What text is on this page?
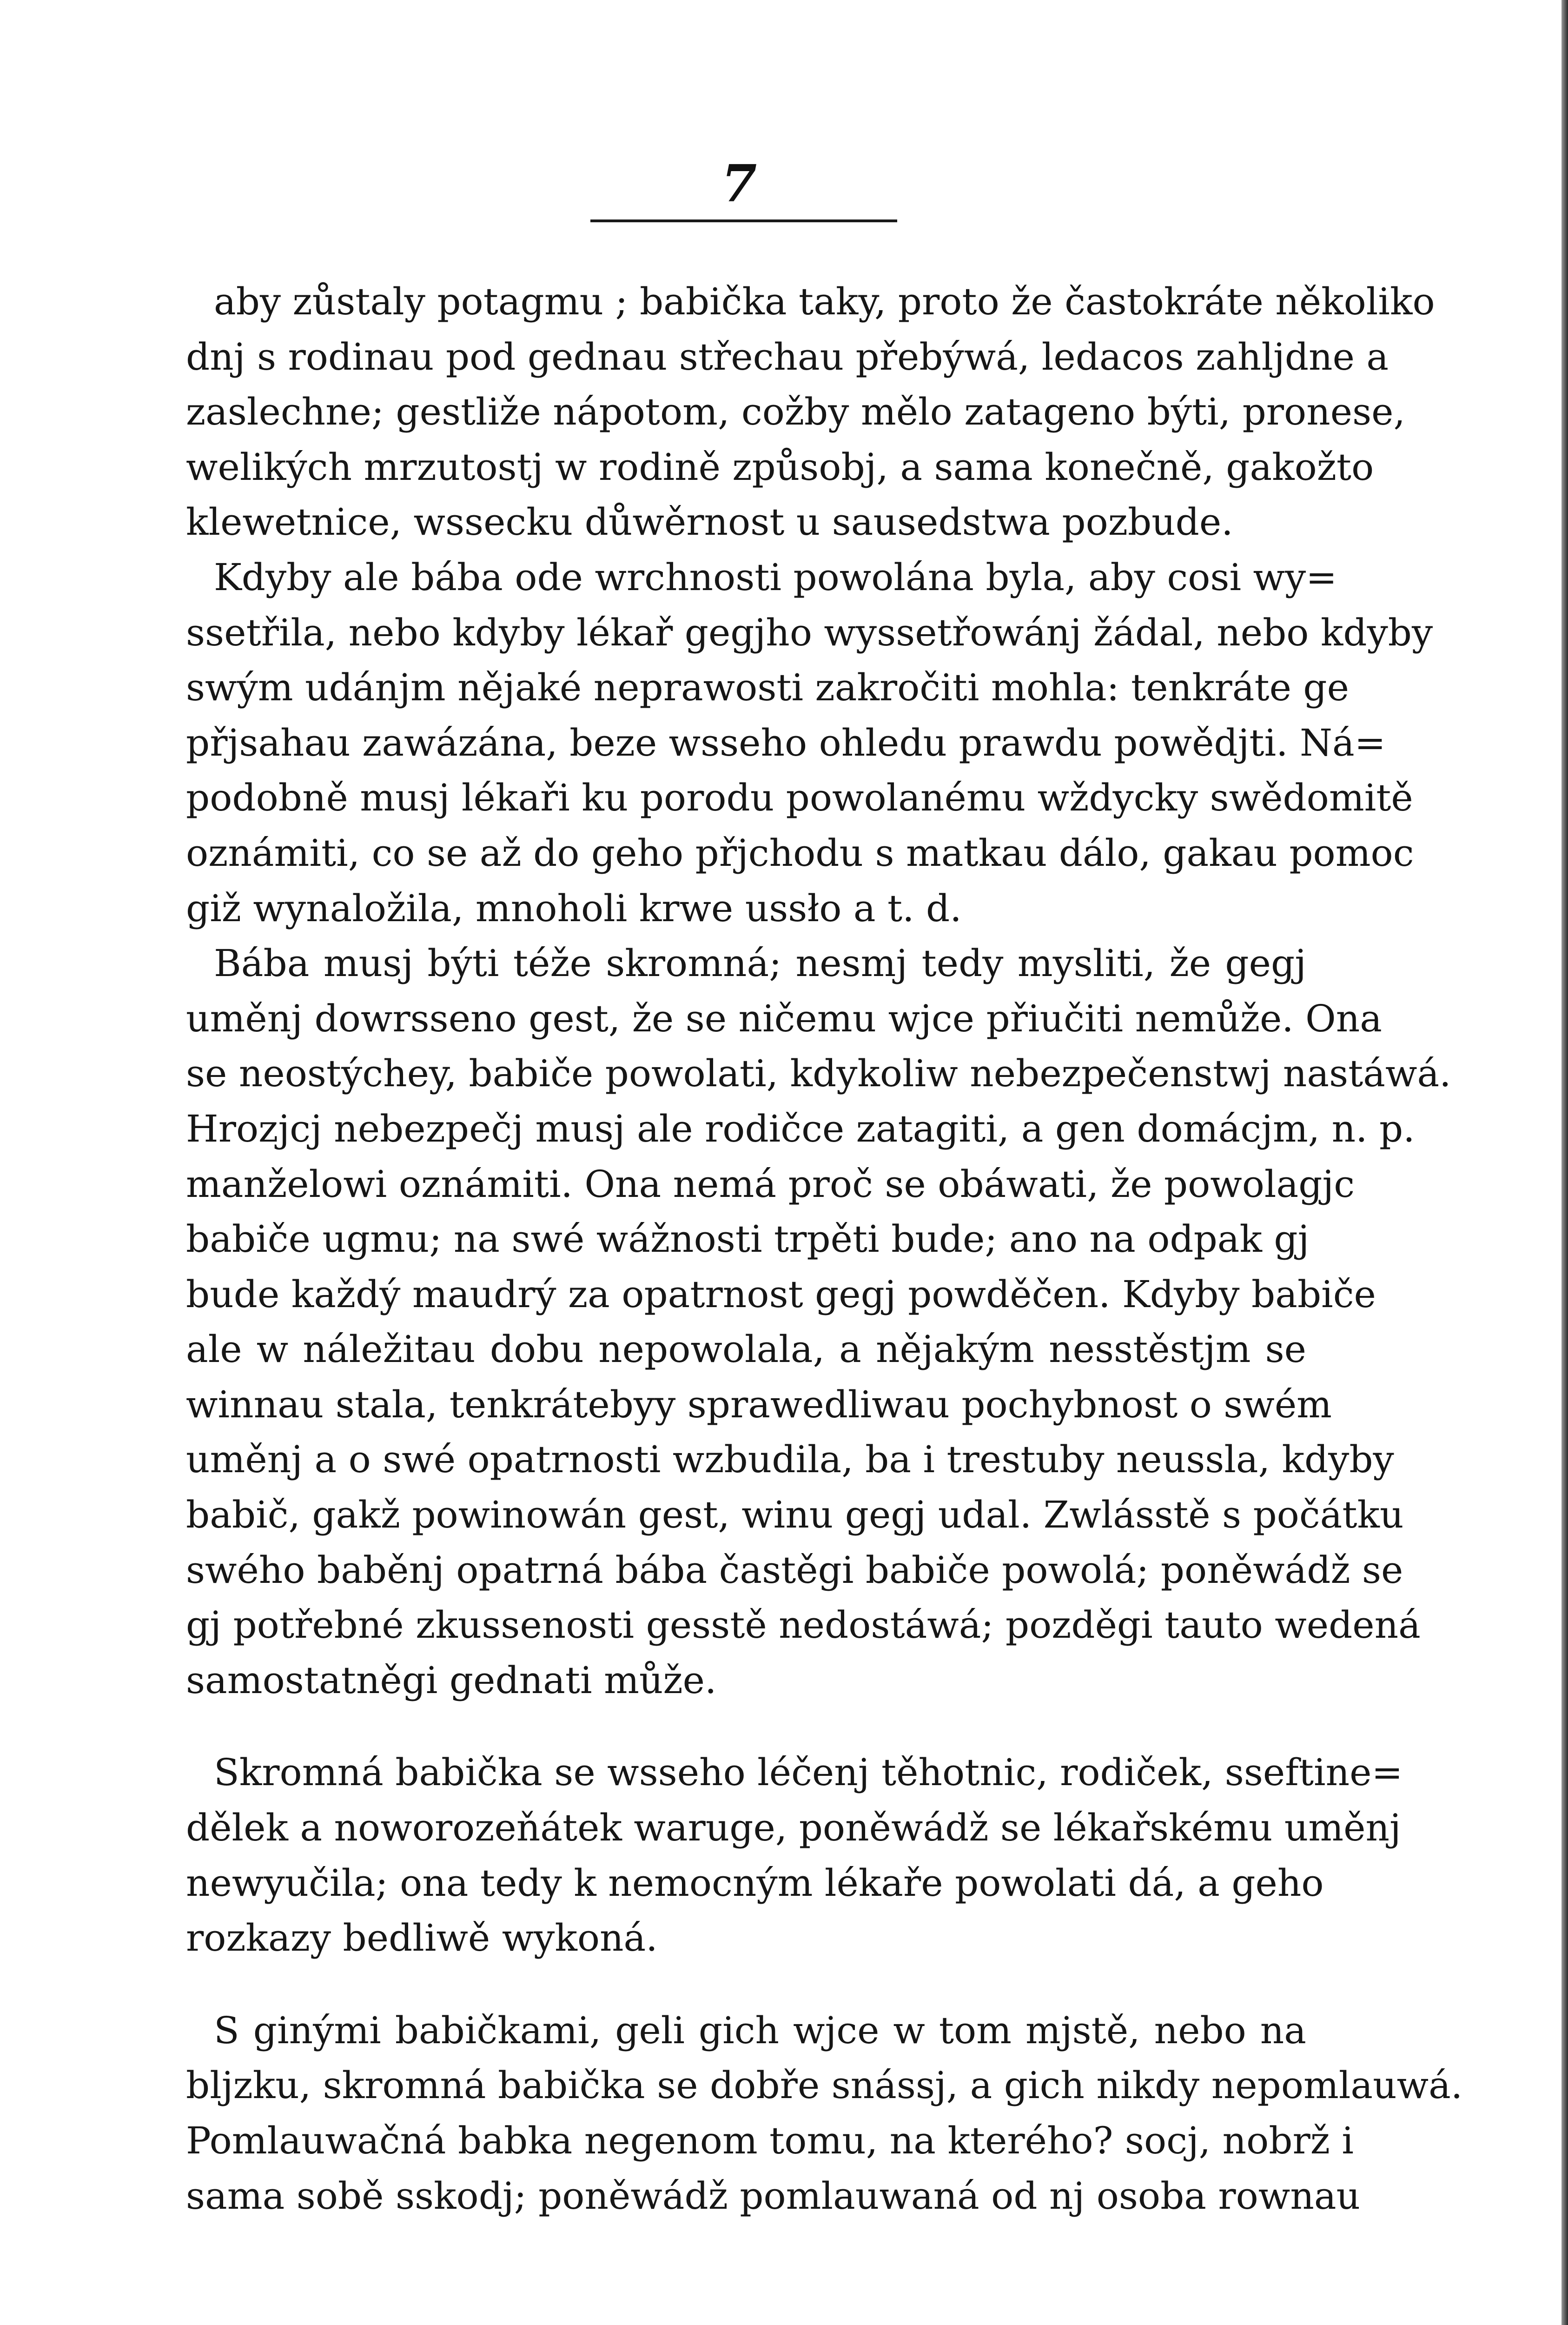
7
aby zůstaly potagmu ; babička taky, proto že častokráte několiko
dnj s rodinau pod gednau střechau přebýwá, ledacos zahljdne a
zaslechne; gestliže nápotom, cožby mělo zatageno býti, pronese,
welikých mrzutostj w rodině způsobj, a sama konečně, gakožto
klewetnice, wssecku důwěrnost u sausedstwa pozbude.
Kdyby ale bába ode wrchnosti powolána byla, aby cosi wy=
ssetřila, nebo kdyby lékař gegjho wyssetřowánj žádal, nebo kdyby
swým udánjm nějaké neprawosti zakročiti mohla: tenkráte ge
přjsahau zawázána, beze wsseho ohledu prawdu powědjti. Ná=
podobně musj lékaři ku porodu powolanému wždycky swědomitě
oznámiti, co se až do geho přjchodu s matkau dálo, gakau pomoc
giž wynaložila, mnoholi krwe ussło a t. d.
Bába musj býti téže skromná; nesmj tedy mysliti, že gegj
uměnj dowrsseno gest, že se ničemu wjce přiučiti nemůže. Ona
se neostýchey, babiče powolati, kdykoliw nebezpečenstwj nastáwá.
Hrozjcj nebezpečj musj ale rodičce zatagiti, a gen domácjm, n. p.
manželowi oznámiti. Ona nemá proč se obáwati, že powolagjc
babiče ugmu; na swé wážnosti trpěti bude; ano na odpak gj
bude každý maudrý za opatrnost gegj powděčen. Kdyby babiče
ale w náležitau dobu nepowolala, a nějakým nesstěstjm se
winnau stala, tenkrátebyy sprawedliwau pochybnost o swém
uměnj a o swé opatrnosti wzbudila, ba i trestuby neussla, kdyby
babič, gakž powinowán gest, winu gegj udal. Zwlásstě s počátku
swého baběnj opatrná bába častěgi babiče powolá; poněwádž se
gj potřebné zkussenosti gesstě nedostáwá; pozděgi tauto wedená
samostatněgi gednati může.
Skromná babička se wsseho léčenj těhotnic, rodiček, sseftine=
dělek a noworozeňátek waruge, poněwádž se lékařskému uměnj
newyučila; ona tedy k nemocným lékaře powolati dá, a geho
rozkazy bedliwě wykoná.
S ginými babičkami, geli gich wjce w tom mjstě, nebo na
bljzku, skromná babička se dobře snássj, a gich nikdy nepomlauwá.
Pomlauwačná babka negenom tomu, na kterého? socj, nobrž i
sama sobě sskodj; poněwádž pomlauwaná od nj osoba rownau
